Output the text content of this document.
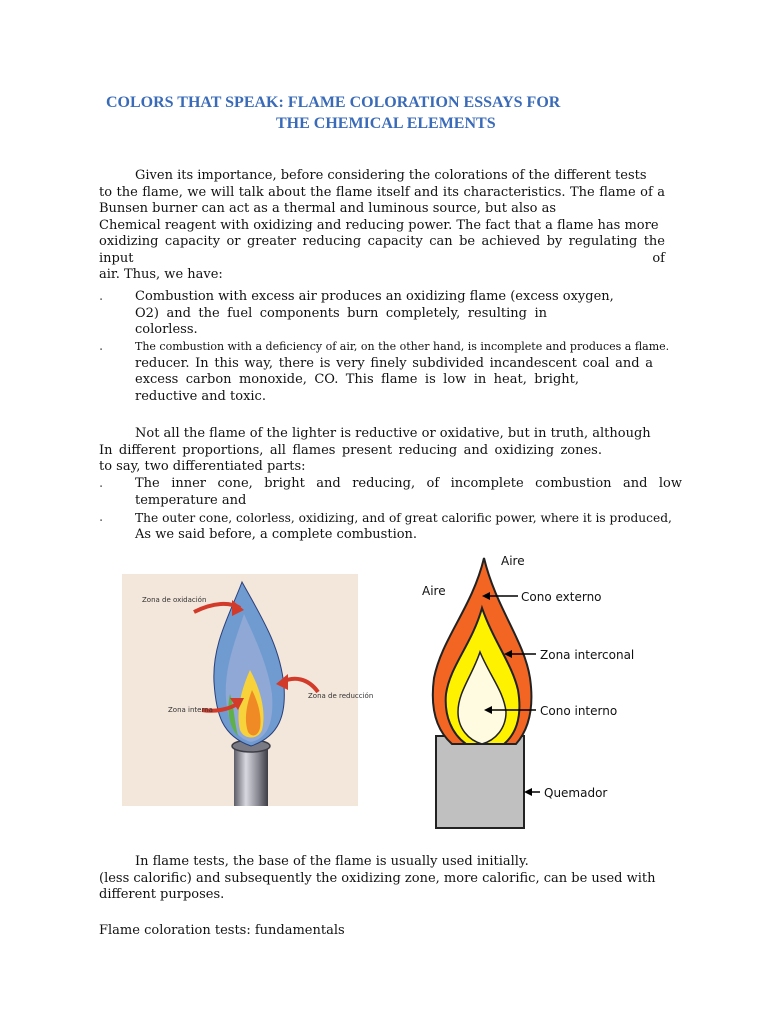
COLORS THAT SPEAK: FLAME COLORATION ESSAYS FOR
THE CHEMICAL ELEMENTS
Given its importance, before considering the colorations of the different tests
to the flame, we will talk about the flame itself and its characteristics. The flame of a
Bunsen burner can act as a thermal and luminous source, but also as
Chemical reagent with oxidizing and reducing power. The fact that a flame has more
oxidizing capacity or greater reducing capacity can be achieved by regulating the input of
air. Thus, we have:
. Combustion with excess air produces an oxidizing flame (excess oxygen,
O2) and the fuel components burn completely, resulting in
colorless.
.	The combustion with a deficiency of air, on the other hand, is incomplete and produces a flame.
reducer. In this way, there is very finely subdivided incandescent coal and a
excess carbon monoxide, CO. This flame is low in heat, bright,
reductive and toxic.
Not all the flame of the lighter is reductive or oxidative, but in truth, although
In different proportions, all flames present reducing and oxidizing zones.
to say, two differentiated parts:
. The inner cone, bright and reducing, of incomplete combustion and low
temperature and
.	The outer cone, colorless, oxidizing, and of great calorific power, where it is produced,
As we said before, a complete combustion.
Zona de oxidación
Zona de reducción
Zona interna
Aire
Aire	Cono externo
Zona interconal
Cono interno
Quemador
In flame tests, the base of the flame is usually used initially.
(less calorific) and subsequently the oxidizing zone, more calorific, can be used with
different purposes.
Flame coloration tests: fundamentals
